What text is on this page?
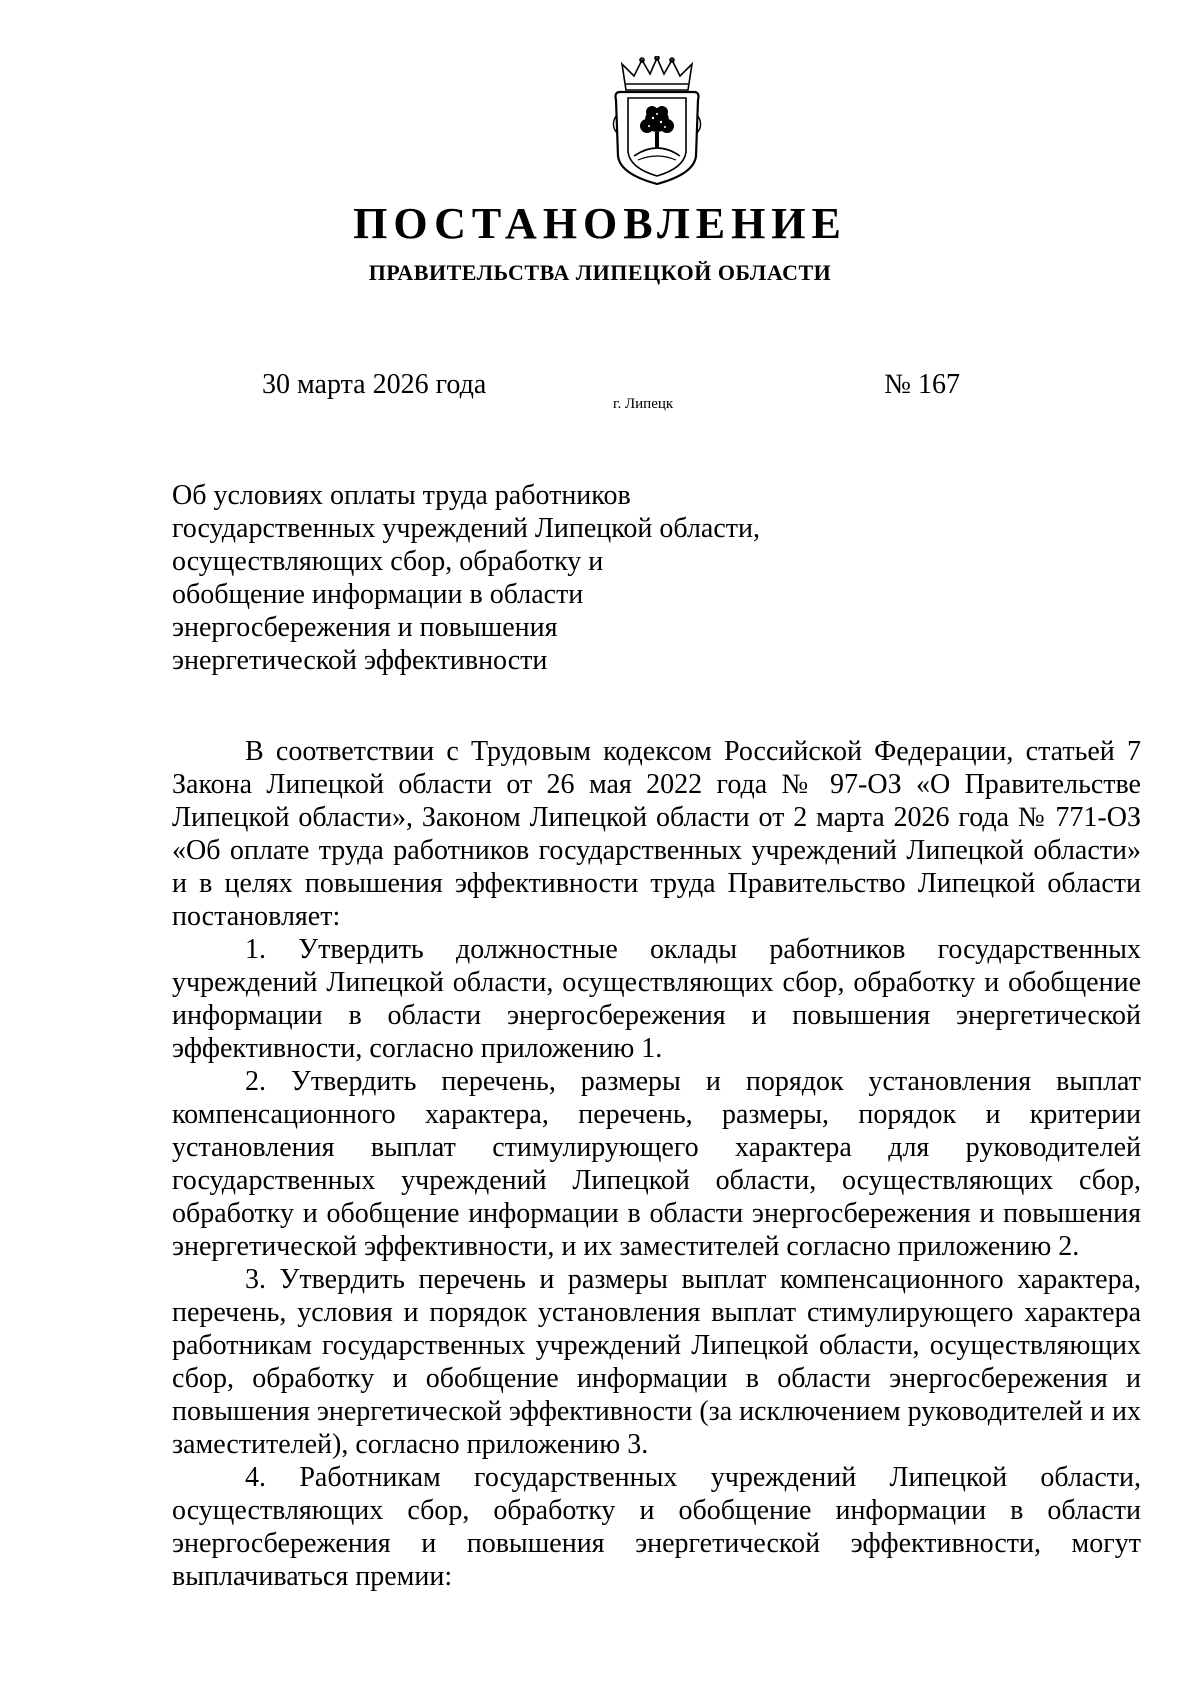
ПОСТАНОВЛЕНИЕ
ПРАВИТЕЛЬСТВА ЛИПЕЦКОЙ ОБЛАСТИ
30 марта 2026 года
г. Липецк
№ 167
Об условиях оплаты труда работников
государственных учреждений Липецкой области,
осуществляющих сбор, обработку и
обобщение информации в области
энергосбережения и повышения
энергетической эффективности

В соответствии с Трудовым кодексом Российской Федерации, статьей 7 Закона Липецкой области от 26 мая 2022 года № 97-ОЗ «О Правительстве Липецкой области», Законом Липецкой области от 2 марта 2026 года № 771-ОЗ «Об оплате труда работников государственных учреждений Липецкой области» и в целях повышения эффективности труда Правительство Липецкой области постановляет:

1. Утвердить должностные оклады работников государственных учреждений Липецкой области, осуществляющих сбор, обработку и обобщение информации в области энергосбережения и повышения энергетической эффективности, согласно приложению 1.

2. Утвердить перечень, размеры и порядок установления выплат компенсационного характера, перечень, размеры, порядок и критерии установления выплат стимулирующего характера для руководителей государственных учреждений Липецкой области, осуществляющих сбор, обработку и обобщение информации в области энергосбережения и повышения энергетической эффективности, и их заместителей согласно приложению 2.

3. Утвердить перечень и размеры выплат компенсационного характера, перечень, условия и порядок установления выплат стимулирующего характера работникам государственных учреждений Липецкой области, осуществляющих сбор, обработку и обобщение информации в области энергосбережения и повышения энергетической эффективности (за исключением руководителей и их заместителей), согласно приложению 3.

4. Работникам государственных учреждений Липецкой области, осуществляющих сбор, обработку и обобщение информации в области энергосбережения и повышения энергетической эффективности, могут выплачиваться премии:
